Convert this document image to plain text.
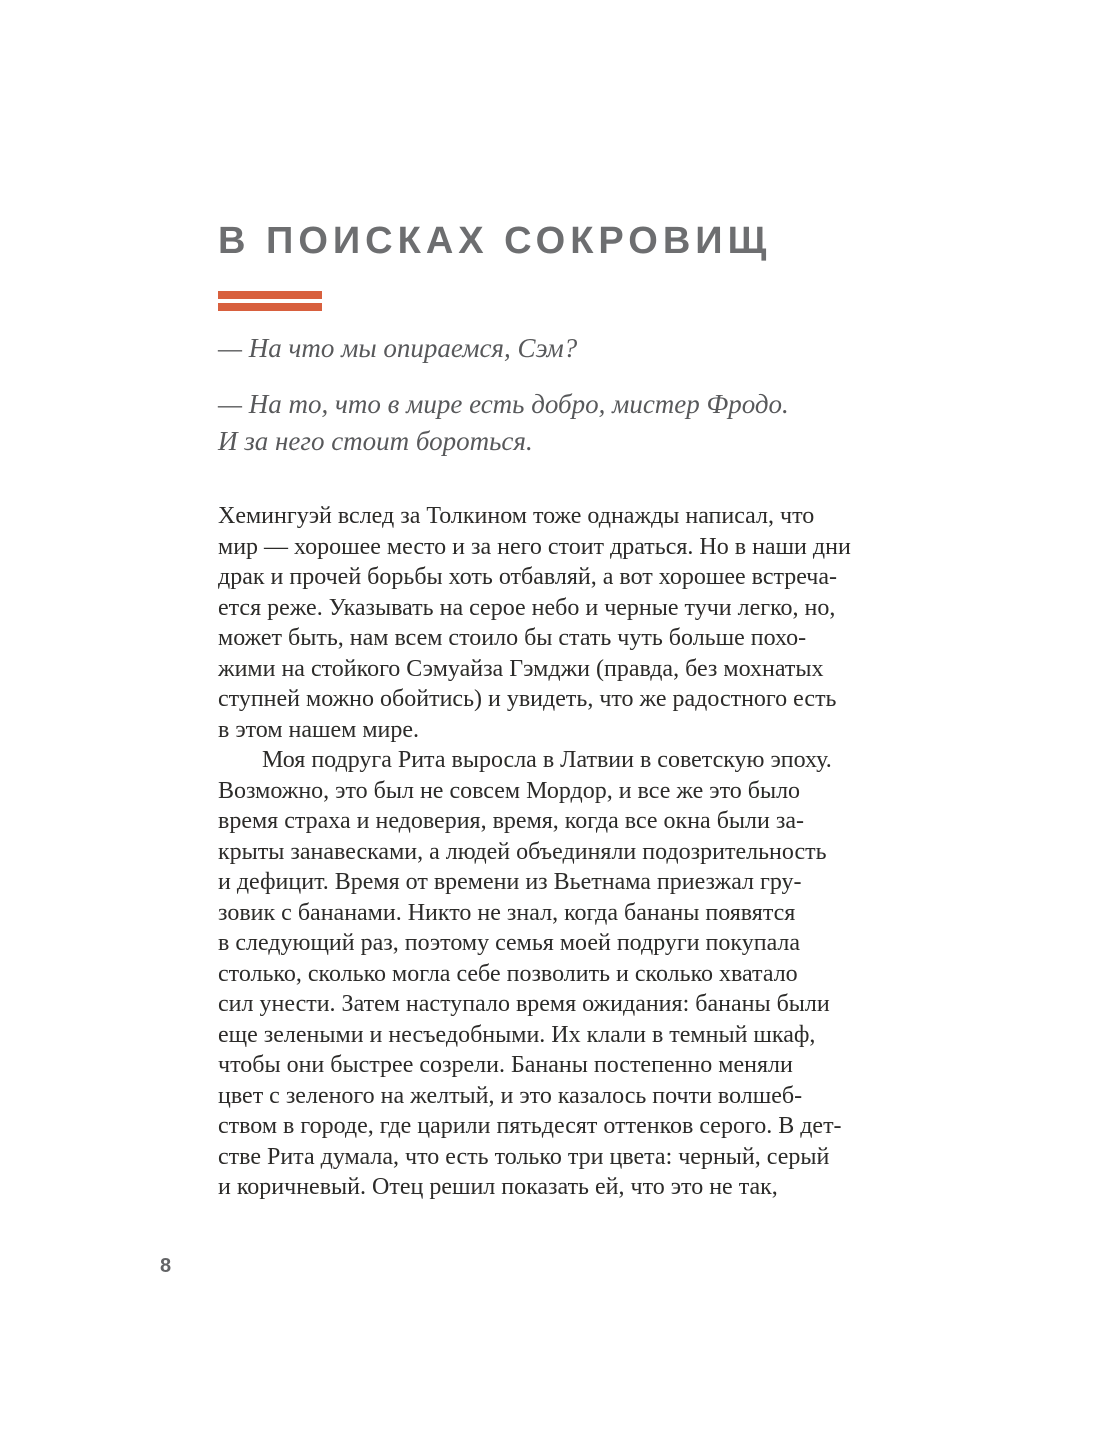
В ПОИСКАХ СОКРОВИЩ
— На что мы опираемся, Сэм?
— На то, что в мире есть добро, мистер Фродо.
И за него стоит бороться.
Хемингуэй вслед за Толкином тоже однажды написал, что
мир — хорошее место и за него стоит драться. Но в наши дни
драк и прочей борьбы хоть отбавляй, а вот хорошее встреча-
ется реже. Указывать на серое небо и черные тучи легко, но,
может быть, нам всем стоило бы стать чуть больше похо-
жими на стойкого Сэмуайза Гэмджи (правда, без мохнатых
ступней можно обойтись) и увидеть, что же радостного есть
в этом нашем мире.
Моя подруга Рита выросла в Латвии в советскую эпоху.
Возможно, это был не совсем Мордор, и все же это было
время страха и недоверия, время, когда все окна были за-
крыты занавесками, а людей объединяли подозрительность
и дефицит. Время от времени из Вьетнама приезжал гру-
зовик с бананами. Никто не знал, когда бананы появятся
в следующий раз, поэтому семья моей подруги покупала
столько, сколько могла себе позволить и сколько хватало
сил унести. Затем наступало время ожидания: бананы были
еще зелеными и несъедобными. Их клали в темный шкаф,
чтобы они быстрее созрели. Бананы постепенно меняли
цвет с зеленого на желтый, и это казалось почти волшеб-
ством в городе, где царили пятьдесят оттенков серого. В дет-
стве Рита думала, что есть только три цвета: черный, серый
и коричневый. Отец решил показать ей, что это не так,
8
